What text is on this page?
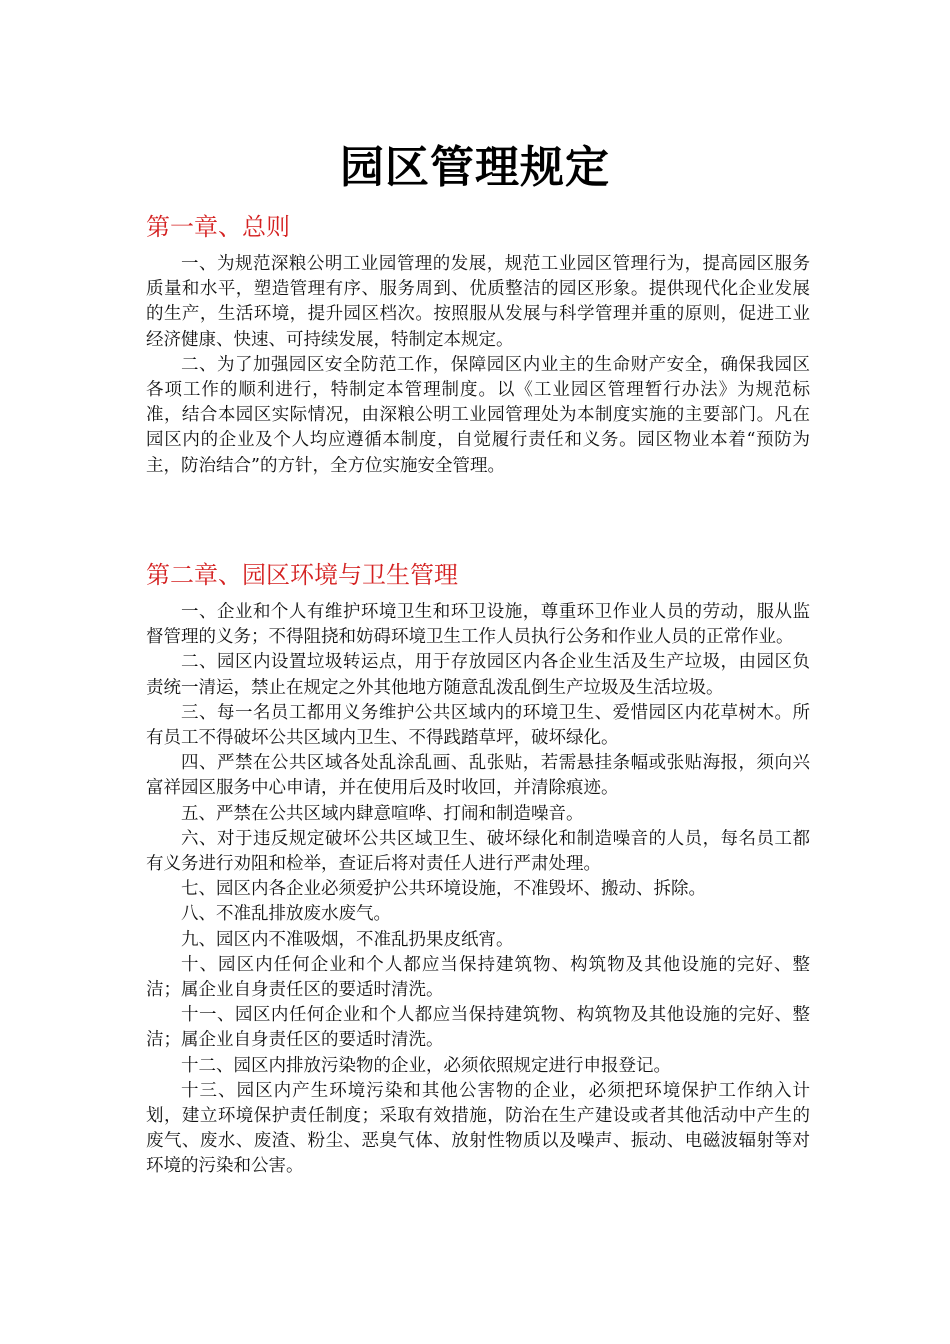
园区管理规定
第一章、总则

一、为规范深粮公明工业园管理的发展，规范工业园区管理行为，提高园区服务质量和水平，塑造管理有序、服务周到、优质整洁的园区形象。提供现代化企业发展的生产，生活环境，提升园区档次。按照服从发展与科学管理并重的原则，促进工业经济健康、快速、可持续发展，特制定本规定。

二、为了加强园区安全防范工作，保障园区内业主的生命财产安全，确保我园区各项工作的顺利进行，特制定本管理制度。以《工业园区管理暂行办法》为规范标准，结合本园区实际情况，由深粮公明工业园管理处为本制度实施的主要部门。凡在园区内的企业及个人均应遵循本制度，自觉履行责任和义务。园区物业本着“预防为主，防治结合”的方针，全方位实施安全管理。

第二章、园区环境与卫生管理

一、企业和个人有维护环境卫生和环卫设施，尊重环卫作业人员的劳动，服从监督管理的义务；不得阻挠和妨碍环境卫生工作人员执行公务和作业人员的正常作业。

二、园区内设置垃圾转运点，用于存放园区内各企业生活及生产垃圾，由园区负责统一清运，禁止在规定之外其他地方随意乱泼乱倒生产垃圾及生活垃圾。

三、每一名员工都用义务维护公共区域内的环境卫生、爱惜园区内花草树木。所有员工不得破坏公共区域内卫生、不得践踏草坪，破坏绿化。

四、严禁在公共区域各处乱涂乱画、乱张贴，若需悬挂条幅或张贴海报，须向兴富祥园区服务中心申请，并在使用后及时收回，并清除痕迹。

五、严禁在公共区域内肆意喧哗、打闹和制造噪音。

六、对于违反规定破坏公共区域卫生、破坏绿化和制造噪音的人员，每名员工都有义务进行劝阻和检举，查证后将对责任人进行严肃处理。

七、园区内各企业必须爱护公共环境设施，不准毁坏、搬动、拆除。

八、不准乱排放废水废气。

九、园区内不准吸烟，不准乱扔果皮纸宵。

十、园区内任何企业和个人都应当保持建筑物、构筑物及其他设施的完好、整洁；属企业自身责任区的要适时清洗。

十一、园区内任何企业和个人都应当保持建筑物、构筑物及其他设施的完好、整洁；属企业自身责任区的要适时清洗。

十二、园区内排放污染物的企业，必须依照规定进行申报登记。

十三、园区内产生环境污染和其他公害物的企业，必须把环境保护工作纳入计划，建立环境保护责任制度；采取有效措施，防治在生产建设或者其他活动中产生的废气、废水、废渣、粉尘、恶臭气体、放射性物质以及噪声、振动、电磁波辐射等对环境的污染和公害。
